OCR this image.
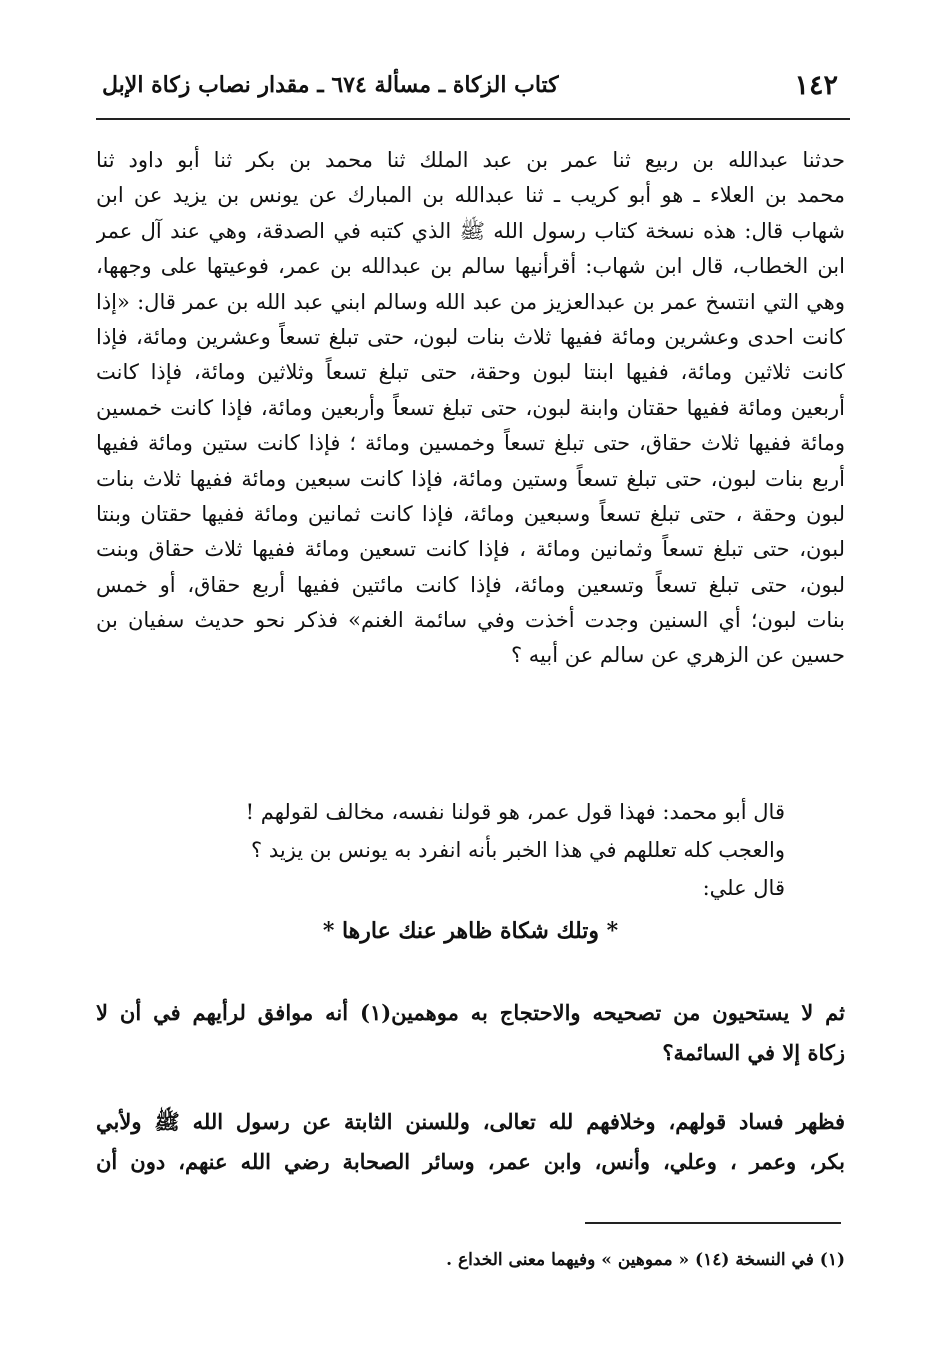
١٤٢
كتاب الزكاة ـ مسألة ٦٧٤ ـ مقدار نصاب زكاة الإبل
حدثنا عبدالله بن ربيع ثنا عمر بن عبد الملك ثنا محمد بن بكر ثنا أبو داود ثنا
محمد بن العلاء ـ هو أبو كريب ـ ثنا عبدالله بن المبارك عن يونس بن يزيد عن ابن
شهاب قال: هذه نسخة كتاب رسول الله ﷺ الذي كتبه في الصدقة، وهي عند آل عمر
ابن الخطاب، قال ابن شهاب: أقرأنيها سالم بن عبدالله بن عمر، فوعيتها على وجهها،
وهي التي انتسخ عمر بن عبدالعزيز من عبد الله وسالم ابني عبد الله بن عمر قال: «إذا
كانت احدى وعشرين ومائة ففيها ثلاث بنات لبون، حتى تبلغ تسعاً وعشرين ومائة، فإذا
كانت ثلاثين ومائة، ففيها ابنتا لبون وحقة، حتى تبلغ تسعاً وثلاثين ومائة، فإذا كانت
أربعين ومائة ففيها حقتان وابنة لبون، حتى تبلغ تسعاً وأربعين ومائة، فإذا كانت خمسين
ومائة ففيها ثلاث حقاق، حتى تبلغ تسعاً وخمسين ومائة ؛ فإذا كانت ستين ومائة ففيها
أربع بنات لبون، حتى تبلغ تسعاً وستين ومائة، فإذا كانت سبعين ومائة ففيها ثلاث بنات
لبون وحقة ، حتى تبلغ تسعاً وسبعين ومائة، فإذا كانت ثمانين ومائة ففيها حقتان وبنتا
لبون، حتى تبلغ تسعاً وثمانين ومائة ، فإذا كانت تسعين ومائة ففيها ثلاث حقاق وبنت
لبون، حتى تبلغ تسعاً وتسعين ومائة، فإذا كانت مائتين ففيها أربع حقاق، أو خمس
بنات لبون؛ أي السنين وجدت أخذت وفي سائمة الغنم» فذكر نحو حديث سفيان بن
حسين عن الزهري عن سالم عن أبيه ؟
قال أبو محمد: فهذا قول عمر، هو قولنا نفسه، مخالف لقولهم !
والعجب كله تعللهم في هذا الخبر بأنه انفرد به يونس بن يزيد ؟
قال علي:
* وتلك شكاة ظاهر عنك عارها *
ثم لا يستحيون من تصحيحه والاحتجاج به موهمين(١) أنه موافق لرأيهم في أن لا
زكاة إلا في السائمة؟
فظهر فساد قولهم، وخلافهم لله تعالى، وللسنن الثابتة عن رسول الله ﷺ ولأبي
بكر، وعمر ، وعلي، وأنس، وابن عمر، وسائر الصحابة رضي الله عنهم، دون أن
(١) في النسخة (١٤) « مموهين » وفيهما معنى الخداع .
